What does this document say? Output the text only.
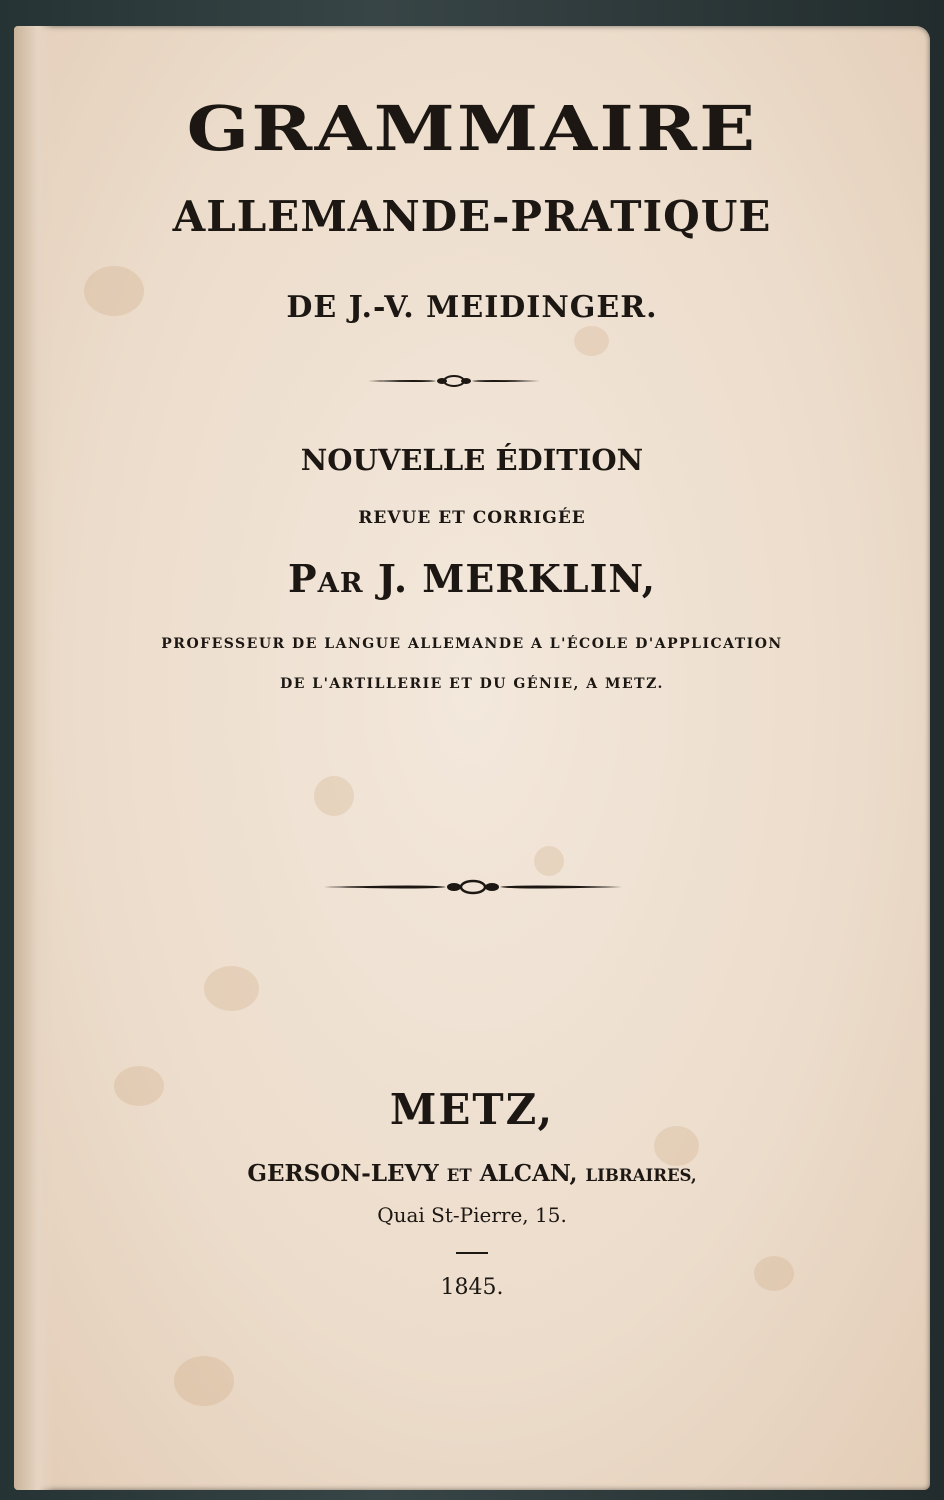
GRAMMAIRE
ALLEMANDE-PRATIQUE
DE J.-V. MEIDINGER.
NOUVELLE ÉDITION
REVUE ET CORRIGÉE
PAR J. MERKLIN,
PROFESSEUR DE LANGUE ALLEMANDE A L'ÉCOLE D'APPLICATION
DE L'ARTILLERIE ET DU GÉNIE, A METZ.
METZ,
GERSON-LEVY ET ALCAN, LIBRAIRES,
Quai St-Pierre, 15.
1845.
